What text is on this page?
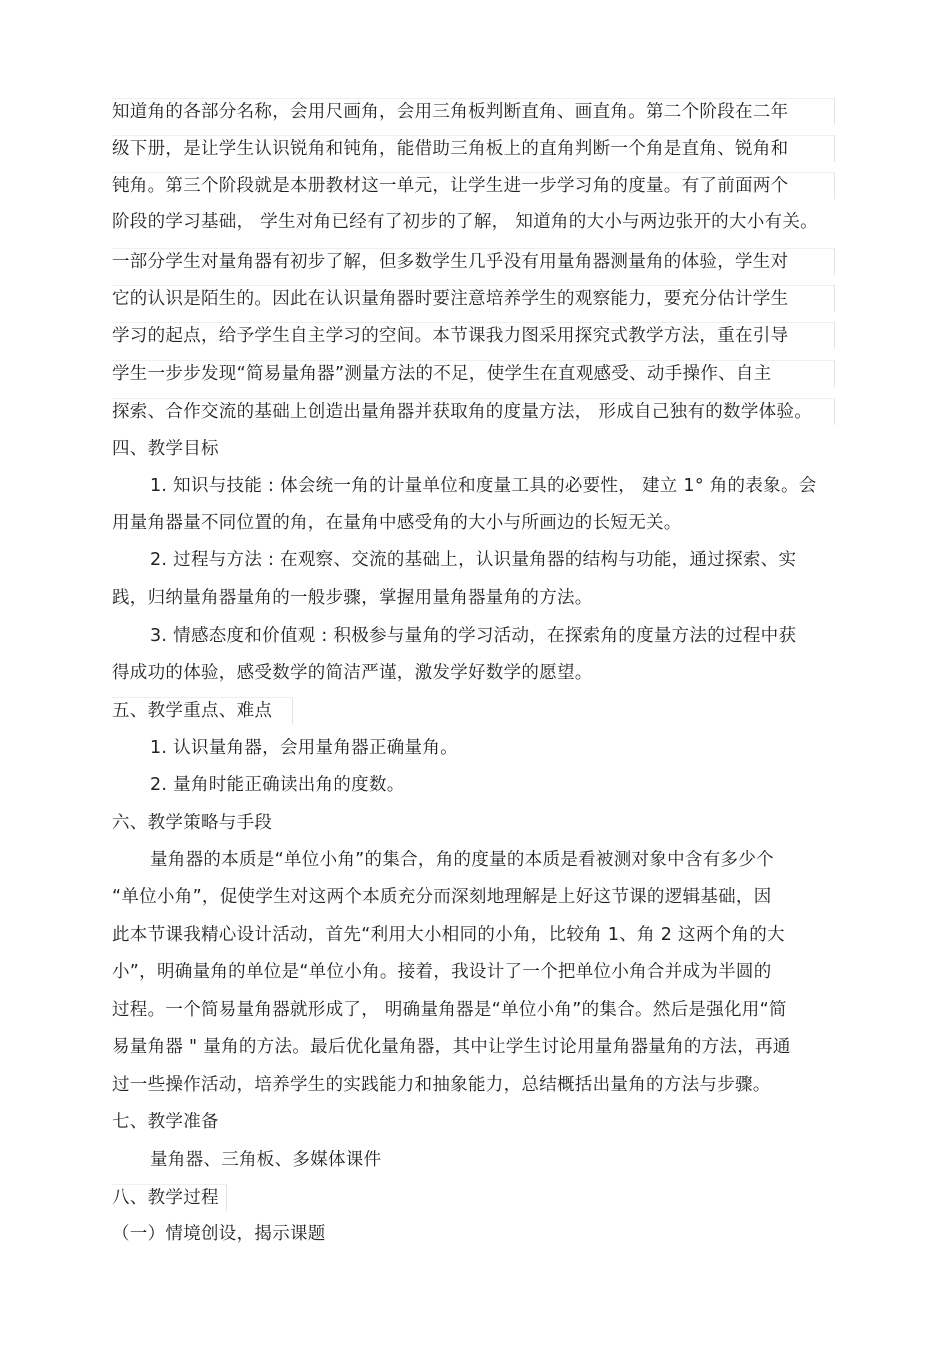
知道角的各部分名称，会用尺画角，会用三角板判断直角、画直角。第二个阶段在二年
级下册，是让学生认识锐角和钝角，能借助三角板上的直角判断一个角是直角、锐角和
钝角。第三个阶段就是本册教材这一单元，让学生进一步学习角的度量。有了前面两个
阶段的学习基础， 学生对角已经有了初步的了解， 知道角的大小与两边张开的大小有关。
一部分学生对量角器有初步了解，但多数学生几乎没有用量角器测量角的体验，学生对
它的认识是陌生的。因此在认识量角器时要注意培养学生的观察能力，要充分估计学生
学习的起点，给予学生自主学习的空间。本节课我力图采用探究式教学方法，重在引导
学生一步步发现“简易量角器”测量方法的不足，使学生在直观感受、动手操作、自主
探索、合作交流的基础上创造出量角器并获取角的度量方法， 形成自己独有的数学体验。
四、教学目标
1. 知识与技能 : 体会统一角的计量单位和度量工具的必要性， 建立 1° 角的表象。会
用量角器量不同位置的角，在量角中感受角的大小与所画边的长短无关。
2. 过程与方法 : 在观察、交流的基础上，认识量角器的结构与功能，通过探索、实
践，归纳量角器量角的一般步骤，掌握用量角器量角的方法。
3. 情感态度和价值观 : 积极参与量角的学习活动，在探索角的度量方法的过程中获
得成功的体验，感受数学的简洁严谨，激发学好数学的愿望。
五、教学重点、难点
1. 认识量角器，会用量角器正确量角。
2. 量角时能正确读出角的度数。
六、教学策略与手段
量角器的本质是“单位小角”的集合，角的度量的本质是看被测对象中含有多少个
“单位小角”，促使学生对这两个本质充分而深刻地理解是上好这节课的逻辑基础，因
此本节课我精心设计活动，首先“利用大小相同的小角，比较角 1、角 2 这两个角的大
小”，明确量角的单位是“单位小角。接着，我设计了一个把单位小角合并成为半圆的
过程。一个简易量角器就形成了， 明确量角器是“单位小角”的集合。然后是强化用“简
易量角器 " 量角的方法。最后优化量角器，其中让学生讨论用量角器量角的方法，再通
过一些操作活动，培养学生的实践能力和抽象能力，总结概括出量角的方法与步骤。
七、教学准备
量角器、三角板、多媒体课件
八、教学过程
（一）情境创设，揭示课题
